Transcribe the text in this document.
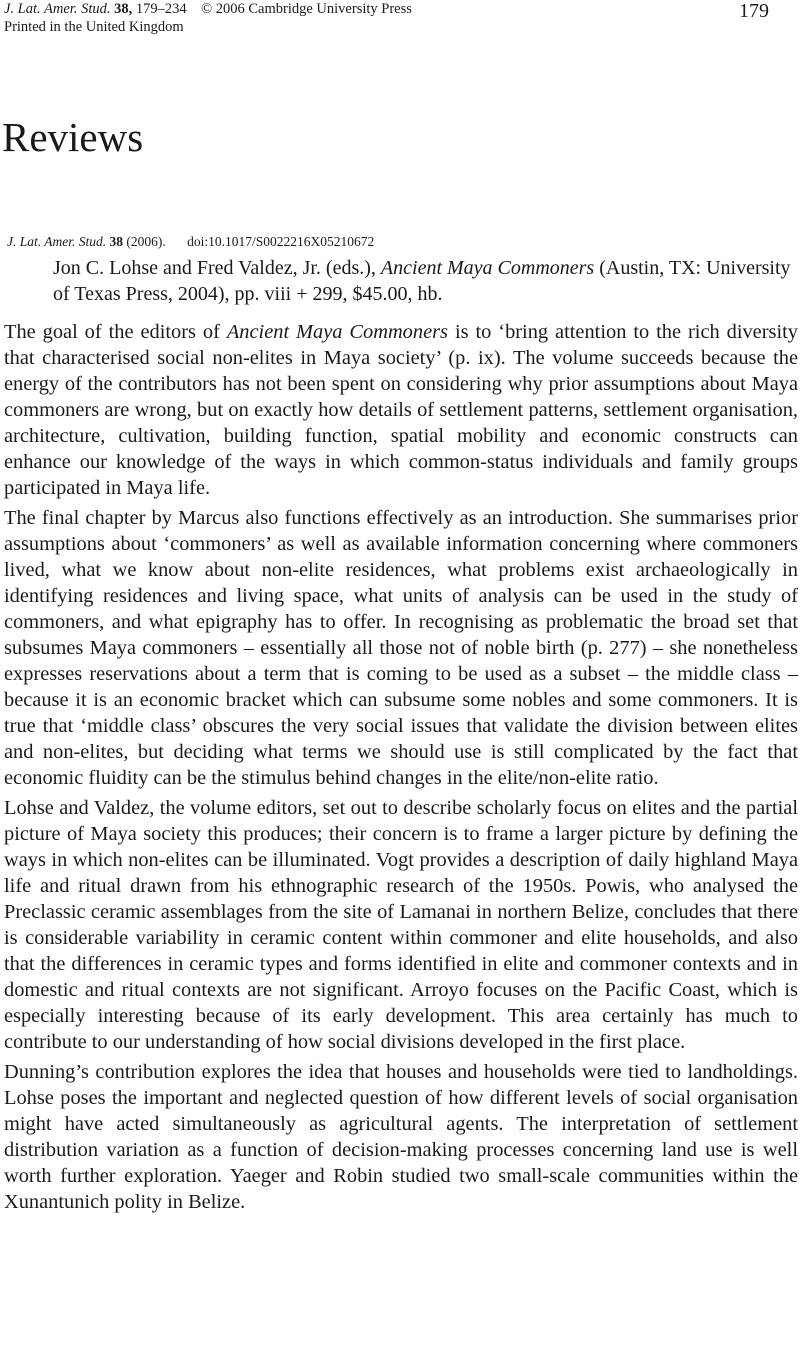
J. Lat. Amer. Stud. 38, 179–234 © 2006 Cambridge University Press
Printed in the United Kingdom
179
Reviews
J. Lat. Amer. Stud. 38 (2006). doi:10.1017/S0022216X05210672

Jon C. Lohse and Fred Valdez, Jr. (eds.), Ancient Maya Commoners (Austin, TX: University of Texas Press, 2004), pp. viii + 299, $45.00, hb.

The goal of the editors of Ancient Maya Commoners is to ‘bring attention to the rich diversity that characterised social non-elites in Maya society’ (p. ix). The volume succeeds because the energy of the contributors has not been spent on considering why prior assumptions about Maya commoners are wrong, but on exactly how details of settlement patterns, settlement organisation, architecture, cultivation, building function, spatial mobility and economic constructs can enhance our knowledge of the ways in which common-status individuals and family groups participated in Maya life.

The final chapter by Marcus also functions effectively as an introduction. She summarises prior assumptions about ‘commoners’ as well as available information concerning where commoners lived, what we know about non-elite residences, what problems exist archaeologically in identifying residences and living space, what units of analysis can be used in the study of commoners, and what epigraphy has to offer. In recognising as problematic the broad set that subsumes Maya commoners – essentially all those not of noble birth (p. 277) – she nonetheless expresses reservations about a term that is coming to be used as a subset – the middle class – because it is an economic bracket which can subsume some nobles and some commoners. It is true that ‘middle class’ obscures the very social issues that validate the division between elites and non-elites, but deciding what terms we should use is still complicated by the fact that economic fluidity can be the stimulus behind changes in the elite/non-elite ratio.

Lohse and Valdez, the volume editors, set out to describe scholarly focus on elites and the partial picture of Maya society this produces; their concern is to frame a larger picture by defining the ways in which non-elites can be illuminated. Vogt provides a description of daily highland Maya life and ritual drawn from his ethnographic research of the 1950s. Powis, who analysed the Preclassic ceramic assemblages from the site of Lamanai in northern Belize, concludes that there is considerable variability in ceramic content within commoner and elite households, and also that the differences in ceramic types and forms identified in elite and commoner contexts and in domestic and ritual contexts are not significant. Arroyo focuses on the Pacific Coast, which is especially interesting because of its early development. This area certainly has much to contribute to our understanding of how social divisions developed in the first place.

Dunning’s contribution explores the idea that houses and households were tied to landholdings. Lohse poses the important and neglected question of how different levels of social organisation might have acted simultaneously as agricultural agents. The interpretation of settlement distribution variation as a function of decision-making processes concerning land use is well worth further exploration. Yaeger and Robin studied two small-scale communities within the Xunantunich polity in Belize.
